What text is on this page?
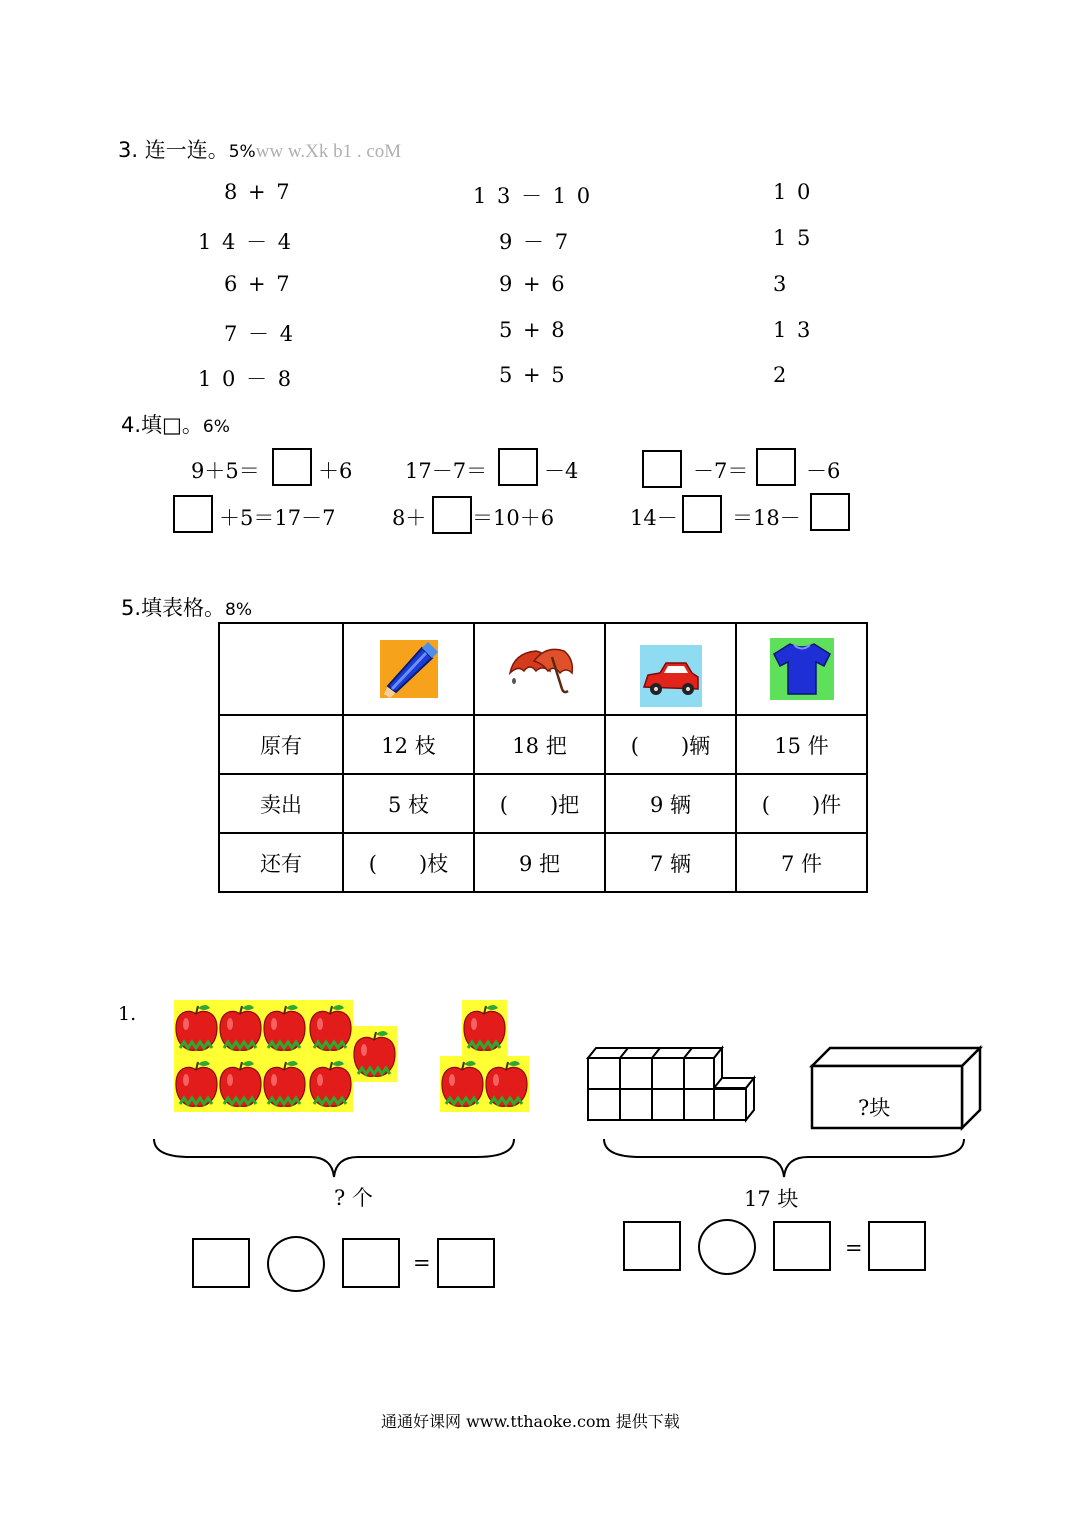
3. 连一连。5%ww w.Xk b1 . coM
8 + 7
1 4 － 4
6 + 7
7 － 4
1 0 － 8
1 3 － 1 0
9 － 7
9 + 6
5 + 8
5 + 5
1 0
1 5
3
1 3
2
4.填□。6%
9＋5＝	＋6	17－7＝	－4	－7＝	－6
＋5＝17－7	8＋ ＝10＋6	14－	＝18－
5.填表格。8%

原有	12 枝	18 把	(　　)辆	15 件
卖出	5 枝	(　　)把	9 辆	(　　)件
还有	(　　)枝	9 把	7 辆	7 件
1.
?块
? 个	17 块
=
=
通通好课网 www.tthaoke.com 提供下载
